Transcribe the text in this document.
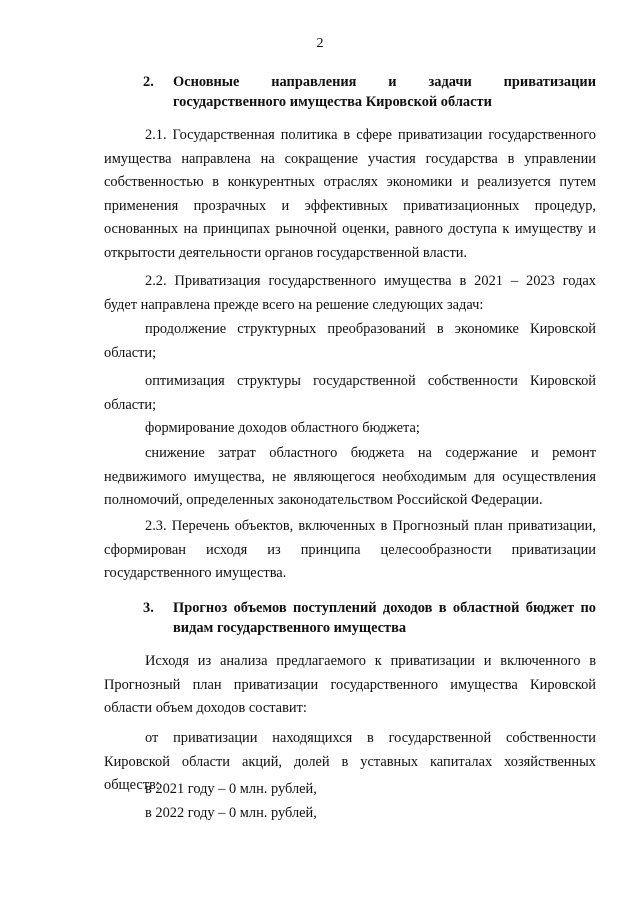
2
2. Основные направления и задачи приватизации
государственного имущества Кировской области
2.1. Государственная политика в сфере приватизации государственного имущества направлена на сокращение участия государства в управлении собственностью в конкурентных отраслях экономики и реализуется путем применения прозрачных и эффективных приватизационных процедур, основанных на принципах рыночной оценки, равного доступа к имуществу и открытости деятельности органов государственной власти.
2.2. Приватизация государственного имущества в 2021 – 2023 годах будет направлена прежде всего на решение следующих задач:
продолжение структурных преобразований в экономике Кировской области;
оптимизация структуры государственной собственности Кировской области;
формирование доходов областного бюджета;
снижение затрат областного бюджета на содержание и ремонт недвижимого имущества, не являющегося необходимым для осуществления полномочий, определенных законодательством Российской Федерации.
2.3. Перечень объектов, включенных в Прогнозный план приватизации, сформирован исходя из принципа целесообразности приватизации государственного имущества.
3. Прогноз объемов поступлений доходов в областной бюджет по
видам государственного имущества
Исходя из анализа предлагаемого к приватизации и включенного в Прогнозный план приватизации государственного имущества Кировской области объем доходов составит:
от приватизации находящихся в государственной собственности Кировской области акций, долей в уставных капиталах хозяйственных обществ:
в 2021 году – 0 млн. рублей,
в 2022 году – 0 млн. рублей,
